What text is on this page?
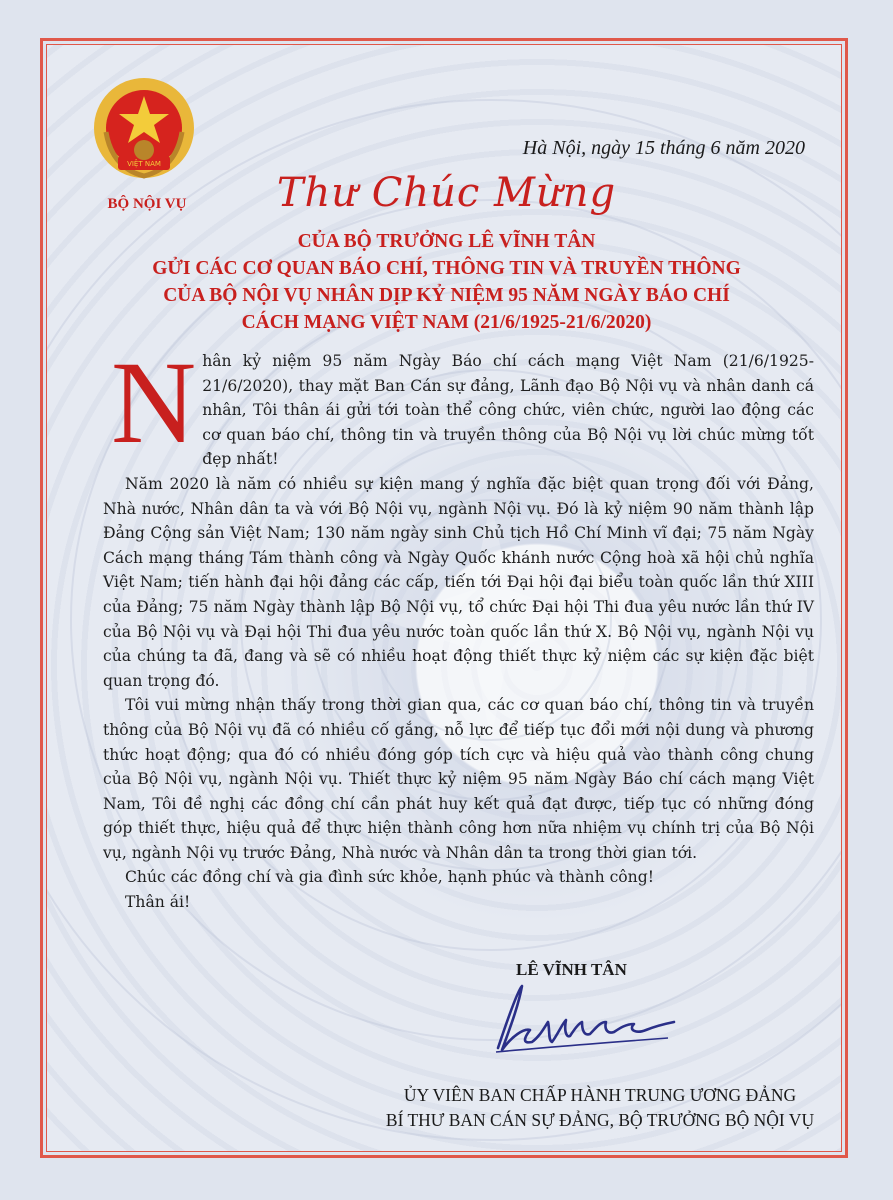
VIỆT NAM
BỘ NỘI VỤ
Hà Nội, ngày 15 tháng 6 năm 2020
Thư Chúc Mừng
CỦA BỘ TRƯỞNG LÊ VĨNH TÂN
GỬI CÁC CƠ QUAN BÁO CHÍ, THÔNG TIN VÀ TRUYỀN THÔNG
CỦA BỘ NỘI VỤ NHÂN DỊP KỶ NIỆM 95 NĂM NGÀY BÁO CHÍ
CÁCH MẠNG VIỆT NAM (21/6/1925-21/6/2020)

Nhân kỷ niệm 95 năm Ngày Báo chí cách mạng Việt Nam (21/6/1925-21/6/2020), thay mặt Ban Cán sự đảng, Lãnh đạo Bộ Nội vụ và nhân danh cá nhân, Tôi thân ái gửi tới toàn thể công chức, viên chức, người lao động các cơ quan báo chí, thông tin và truyền thông của Bộ Nội vụ lời chúc mừng tốt đẹp nhất!

Năm 2020 là năm có nhiều sự kiện mang ý nghĩa đặc biệt quan trọng đối với Đảng, Nhà nước, Nhân dân ta và với Bộ Nội vụ, ngành Nội vụ. Đó là kỷ niệm 90 năm thành lập Đảng Cộng sản Việt Nam; 130 năm ngày sinh Chủ tịch Hồ Chí Minh vĩ đại; 75 năm Ngày Cách mạng tháng Tám thành công và Ngày Quốc khánh nước Cộng hoà xã hội chủ nghĩa Việt Nam; tiến hành đại hội đảng các cấp, tiến tới Đại hội đại biểu toàn quốc lần thứ XIII của Đảng; 75 năm Ngày thành lập Bộ Nội vụ, tổ chức Đại hội Thi đua yêu nước lần thứ IV của Bộ Nội vụ và Đại hội Thi đua yêu nước toàn quốc lần thứ X. Bộ Nội vụ, ngành Nội vụ của chúng ta đã, đang và sẽ có nhiều hoạt động thiết thực kỷ niệm các sự kiện đặc biệt quan trọng đó.

Tôi vui mừng nhận thấy trong thời gian qua, các cơ quan báo chí, thông tin và truyền thông của Bộ Nội vụ đã có nhiều cố gắng, nỗ lực để tiếp tục đổi mới nội dung và phương thức hoạt động; qua đó có nhiều đóng góp tích cực và hiệu quả vào thành công chung của Bộ Nội vụ, ngành Nội vụ. Thiết thực kỷ niệm 95 năm Ngày Báo chí cách mạng Việt Nam, Tôi đề nghị các đồng chí cần phát huy kết quả đạt được, tiếp tục có những đóng góp thiết thực, hiệu quả để thực hiện thành công hơn nữa nhiệm vụ chính trị của Bộ Nội vụ, ngành Nội vụ trước Đảng, Nhà nước và Nhân dân ta trong thời gian tới.

Chúc các đồng chí và gia đình sức khỏe, hạnh phúc và thành công!

Thân ái!

LÊ VĨNH TÂN
ỦY VIÊN BAN CHẤP HÀNH TRUNG ƯƠNG ĐẢNG
BÍ THƯ BAN CÁN SỰ ĐẢNG, BỘ TRƯỞNG BỘ NỘI VỤ
